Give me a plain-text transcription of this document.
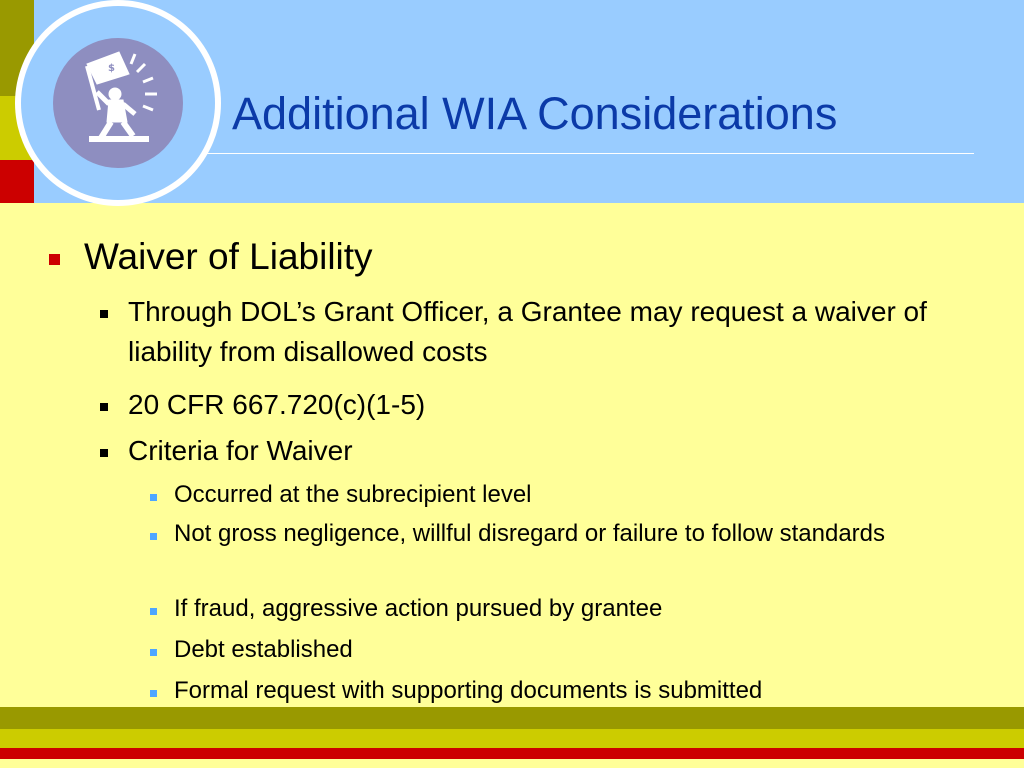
$
Additional WIA Considerations
Waiver of Liability
Through DOL’s Grant Officer, a Grantee may request a waiver of liability from disallowed costs
20 CFR 667.720(c)(1-5)
Criteria for Waiver
Occurred at the subrecipient level
Not gross negligence, willful disregard or failure to follow standards
If fraud, aggressive action pursued by grantee
Debt established
Formal request with supporting documents is submitted
